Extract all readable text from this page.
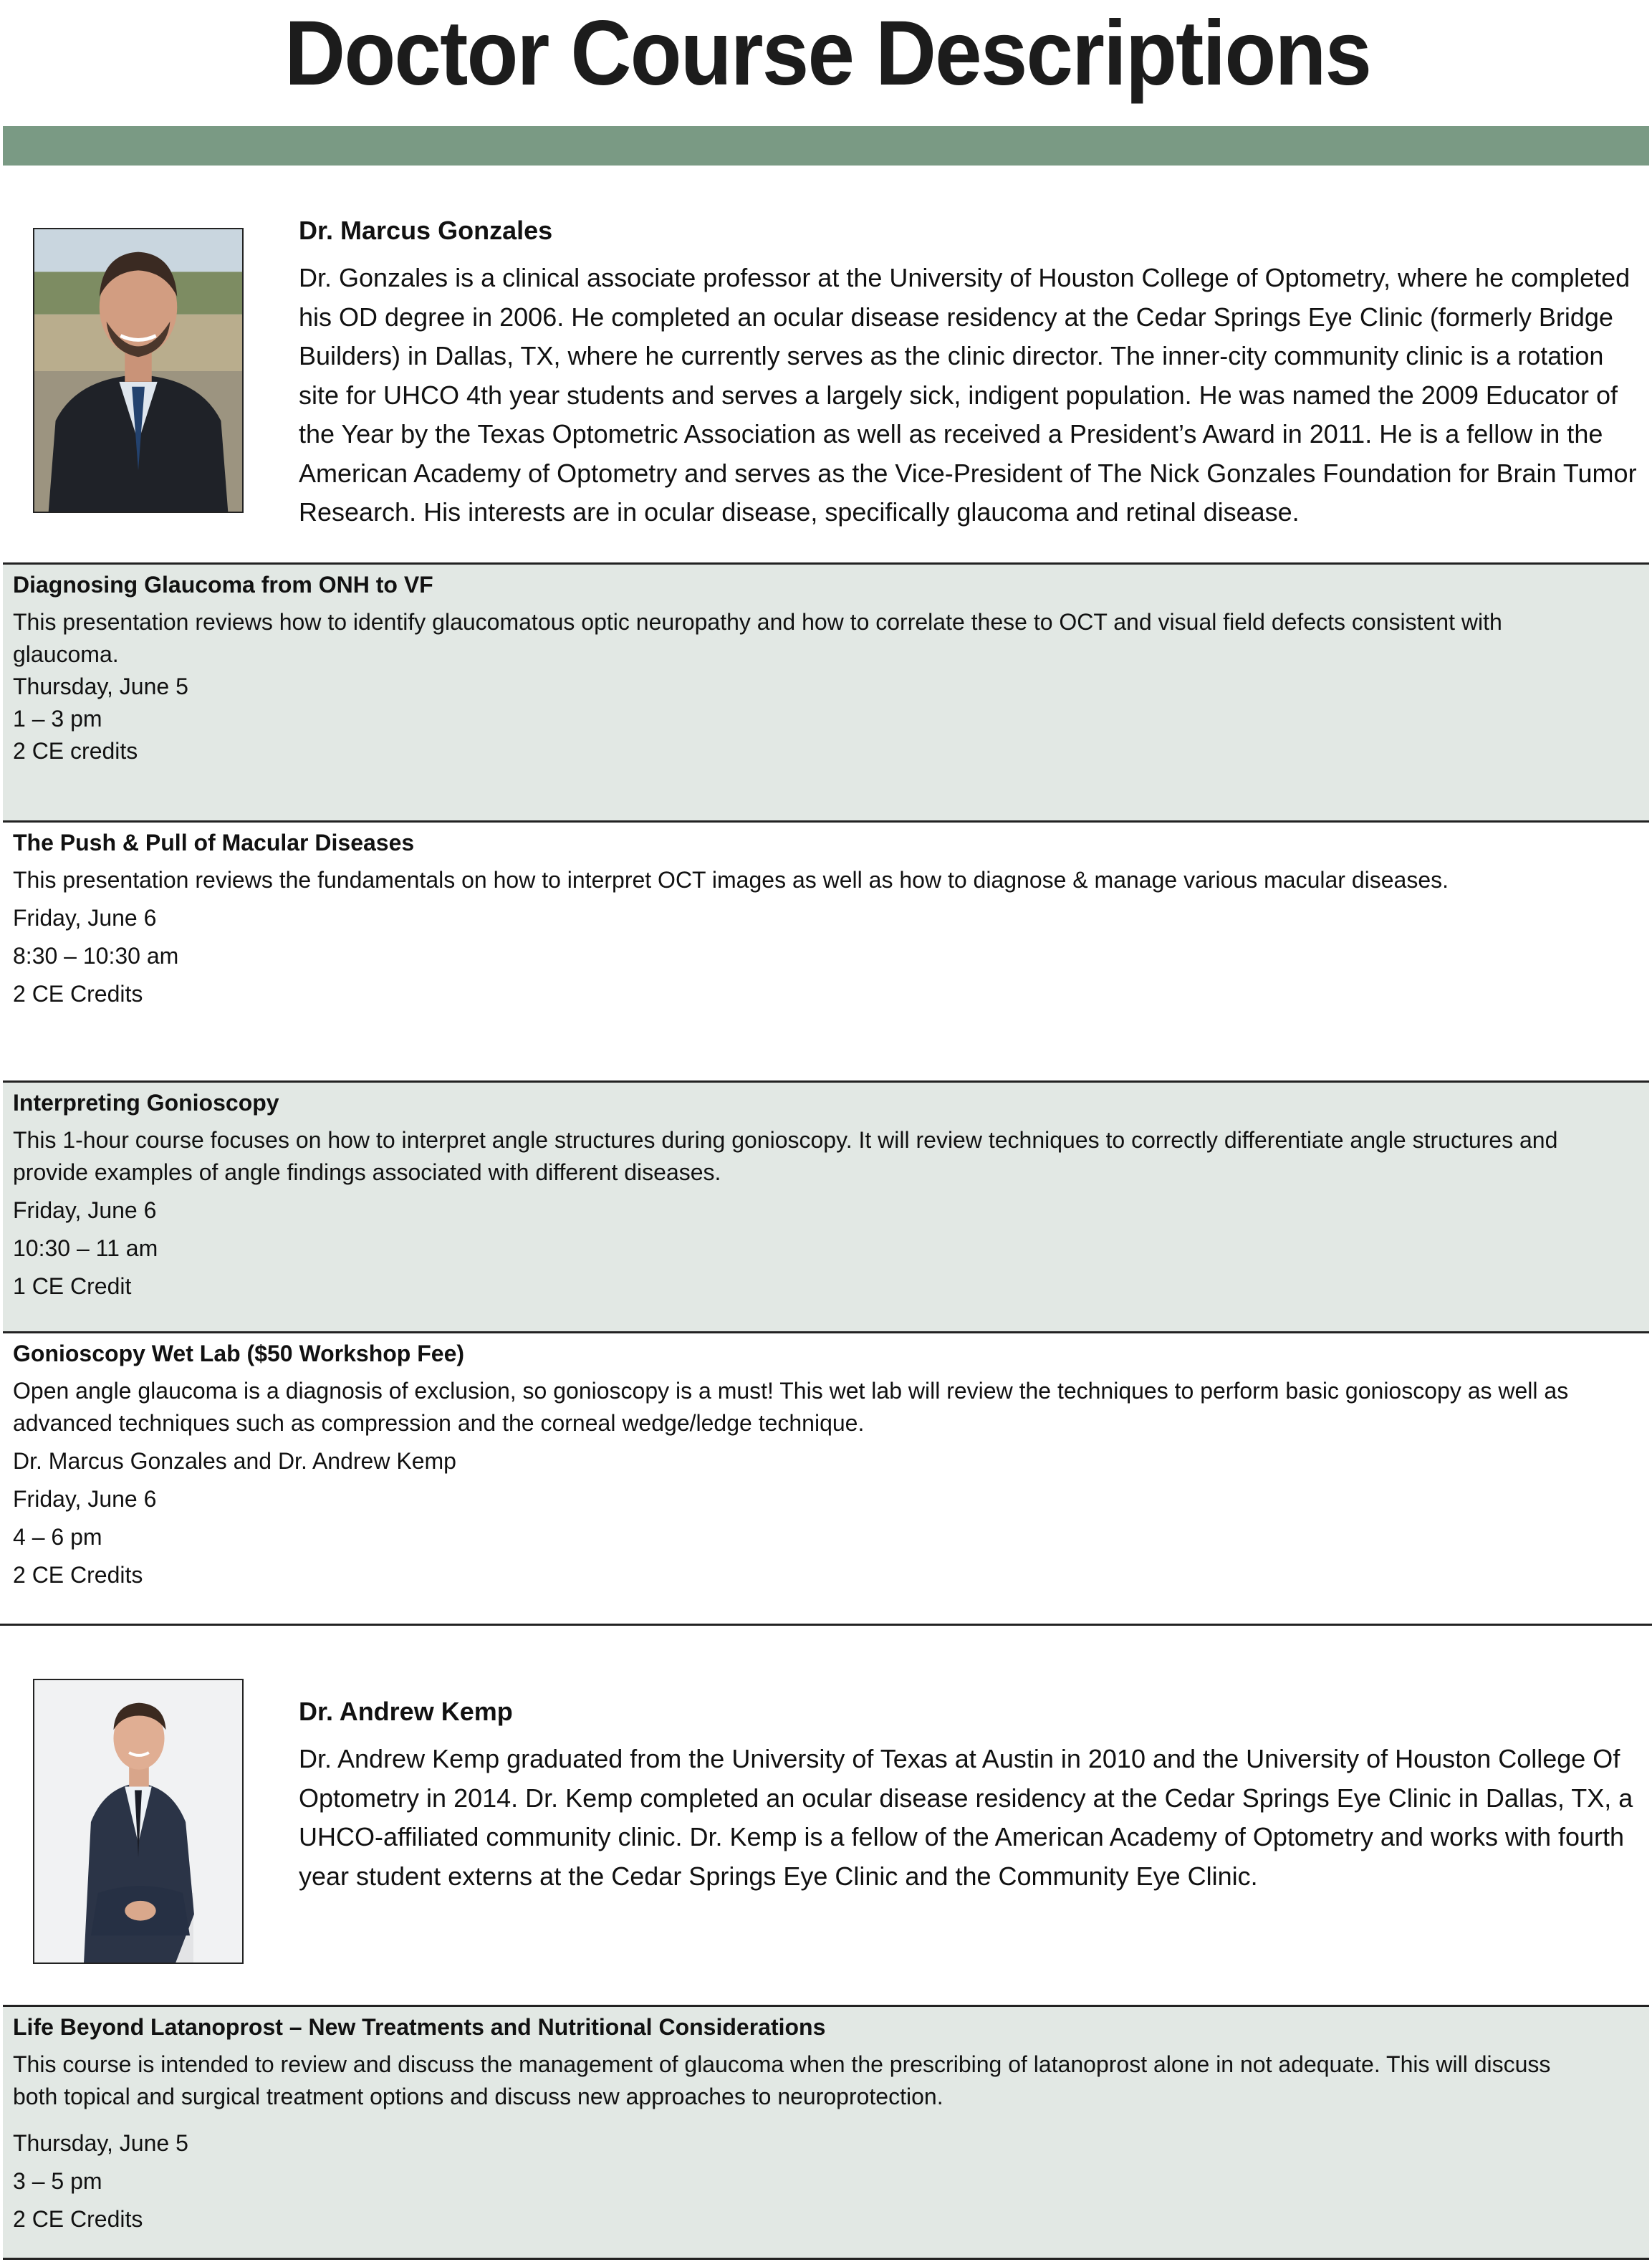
Doctor Course Descriptions
Dr. Marcus Gonzales
Dr. Gonzales is a clinical associate professor at the University of Houston College of Optometry, where he completed his OD degree in 2006. He completed an ocular disease residency at the Cedar Springs Eye Clinic (formerly Bridge Builders) in Dallas, TX, where he currently serves as the clinic director. The inner-city community clinic is a rotation site for UHCO 4th year students and serves a largely sick, indigent population. He was named the 2009 Educator of the Year by the Texas Optometric Association as well as received a President’s Award in 2011. He is a fellow in the American Academy of Optometry and serves as the Vice-President of The Nick Gonzales Foundation for Brain Tumor Research. His interests are in ocular disease, specifically glaucoma and retinal disease.
Diagnosing Glaucoma from ONH to VF
This presentation reviews how to identify glaucomatous optic neuropathy and how to correlate these to OCT and visual field defects consistent with glaucoma.
Thursday, June 5
1 – 3 pm
2 CE credits
The Push & Pull of Macular Diseases
This presentation reviews the fundamentals on how to interpret OCT images as well as how to diagnose & manage various macular diseases.
Friday, June 6
8:30 – 10:30 am
2 CE Credits
Interpreting Gonioscopy
This 1-hour course focuses on how to interpret angle structures during gonioscopy. It will review techniques to correctly differentiate angle structures and provide examples of angle findings associated with different diseases.
Friday, June 6
10:30 – 11 am
1 CE Credit
Gonioscopy Wet Lab ($50 Workshop Fee)
Open angle glaucoma is a diagnosis of exclusion, so gonioscopy is a must! This wet lab will review the techniques to perform basic gonioscopy as well as advanced techniques such as compression and the corneal wedge/ledge technique.
Dr. Marcus Gonzales and Dr. Andrew Kemp
Friday, June 6
4 – 6 pm
2 CE Credits
Dr. Andrew Kemp
Dr. Andrew Kemp graduated from the University of Texas at Austin in 2010 and the University of Houston College Of Optometry in 2014. Dr. Kemp completed an ocular disease residency at the Cedar Springs Eye Clinic in Dallas, TX, a UHCO-affiliated community clinic. Dr. Kemp is a fellow of the American Academy of Optometry and works with fourth year student externs at the Cedar Springs Eye Clinic and the Community Eye Clinic.
Life Beyond Latanoprost – New Treatments and Nutritional Considerations
This course is intended to review and discuss the management of glaucoma when the prescribing of latanoprost alone in not adequate. This will discuss both topical and surgical treatment options and discuss new approaches to neuroprotection.
Thursday, June 5
3 – 5 pm
2 CE Credits
